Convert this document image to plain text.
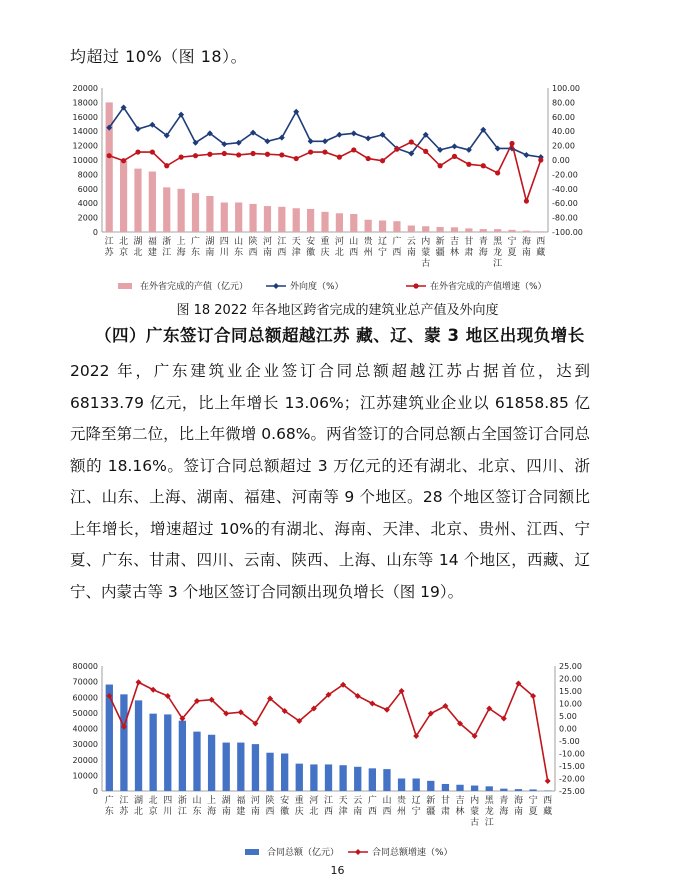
均超过 10%（图 18）。
0
2000
4000
6000
8000
10000
12000
14000
16000
18000
20000
-100.00
-80.00
-60.00
-40.00
-20.00
0.00
20.00
40.00
60.00
80.00
100.00
江苏
北京
湖北
福建
浙江
上海
广东
湖南
四川
山东
陕西
河南
江西
天津
安徽
重庆
河北
山西
贵州
辽宁
广西
云南
内蒙古
新疆
吉林
甘肃
青海
黑龙江
宁夏
海南
西藏
在外省完成的产值（亿元）	外向度（%）	在外省完成的产值增速（%）
图 18 2022 年各地区跨省完成的建筑业总产值及外向度
（四）广东签订合同总额超越江苏 藏、辽、蒙 3 地区出现负增长
2022 年，广东建筑业企业签订合同总额超越江苏占据首位，达到 68133.79 亿元，比上年增长 13.06%；江苏建筑业企业以 61858.85 亿元降至第二位，比上年微增 0.68%。两省签订的合同总额占全国签订合同总额的 18.16%。签订合同总额超过 3 万亿元的还有湖北、北京、四川、浙江、山东、上海、湖南、福建、河南等 9 个地区。28 个地区签订合同额比上年增长，增速超过 10%的有湖北、海南、天津、北京、贵州、江西、宁夏、广东、甘肃、四川、云南、陕西、上海、山东等 14 个地区，西藏、辽宁、内蒙古等 3 个地区签订合同额出现负增长（图 19）。
0
10000
20000
30000
40000
50000
60000
70000
80000
-25.00
-20.00
-15.00
-10.00
-5.00
0.00
5.00
10.00
15.00
20.00
25.00
广东
江苏
湖北
北京
四川
浙江
山东
上海
湖南
福建
河南
陕西
安徽
重庆
河北
江西
天津
云南
广西
山西
贵州
辽宁
新疆
甘肃
吉林
内蒙古
黑龙江
青海
海南
宁夏
西藏
合同总额（亿元）	合同总额增速（%）
16
